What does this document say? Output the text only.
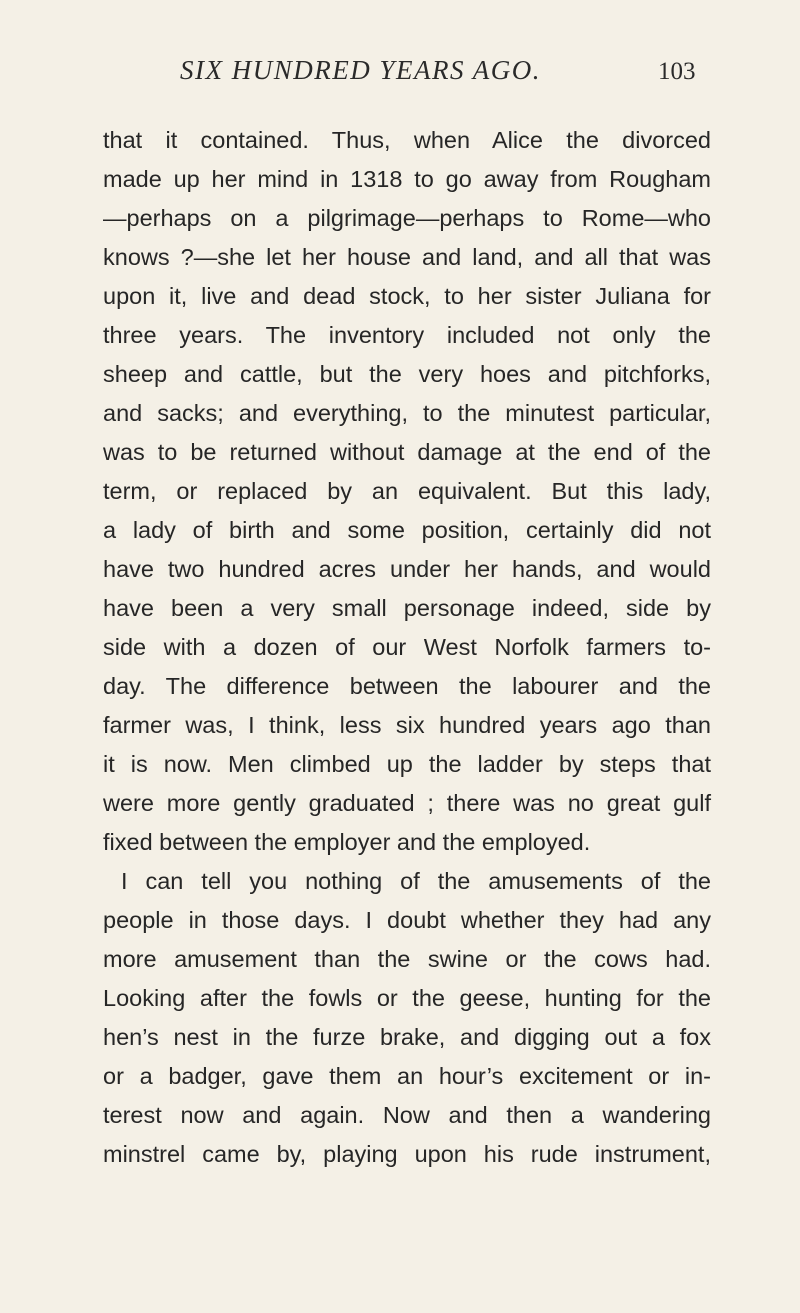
SIX HUNDRED YEARS AGO.	103
that it contained. Thus, when Alice the divorced
made up her mind in 1318 to go away from Rougham
—perhaps on a pilgrimage—perhaps to Rome—who
knows ?—she let her house and land, and all that was
upon it, live and dead stock, to her sister Juliana for
three years. The inventory included not only the
sheep and cattle, but the very hoes and pitchforks,
and sacks; and everything, to the minutest particular,
was to be returned without damage at the end of the
term, or replaced by an equivalent. But this lady,
a lady of birth and some position, certainly did not
have two hundred acres under her hands, and would
have been a very small personage indeed, side by
side with a dozen of our West Norfolk farmers to-
day. The difference between the labourer and the
farmer was, I think, less six hundred years ago than
it is now. Men climbed up the ladder by steps that
were more gently graduated ; there was no great gulf
fixed between the employer and the employed.
I can tell you nothing of the amusements of the
people in those days. I doubt whether they had any
more amusement than the swine or the cows had.
Looking after the fowls or the geese, hunting for the
hen’s nest in the furze brake, and digging out a fox
or a badger, gave them an hour’s excitement or in-
terest now and again. Now and then a wandering
minstrel came by, playing upon his rude instrument,
